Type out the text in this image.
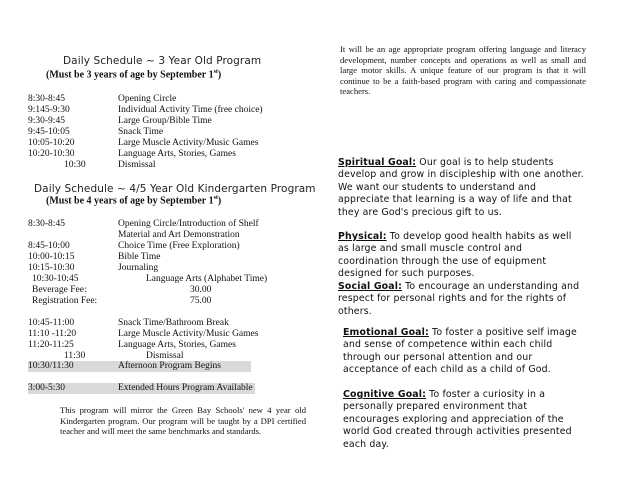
Daily Schedule ~ 3 Year Old Program
(Must be 3 years of age by September 1st)
8:30-8:45	Opening Circle
9:145-9:30	Individual Activity Time (free choice)
9:30-9:45	Large Group/Bible Time
9:45-10:05	Snack Time
10:05-10:20	Large Muscle Activity/Music Games
10:20-10:30	Language Arts, Stories, Games
10:30	Dismissal
Daily Schedule ~ 4/5 Year Old Kindergarten Program
(Must be 4 years of age by September 1st)
8:30-8:45	Opening Circle/Introduction of Shelf
Material and Art Demonstration
8:45-10:00	Choice Time (Free Exploration)
10:00-10:15	Bible Time
10:15-10:30	Journaling
10:30-10:45	Language Arts (Alphabet Time)
Beverage Fee:	30.00
Registration Fee:	75.00
10:45-11:00	Snack Time/Bathroom Break
11:10 -11:20	Large Muscle Activity/Music Games
11:20-11:25	Language Arts, Stories, Games
11:30	Dismissal
10:30/11:30	Afternoon Program Begins
3:00-5:30	Extended Hours Program Available
This program will mirror the Green Bay Schools' new 4 year old Kindergarten program. Our program will be taught by a DPI certified teacher and will meet the same benchmarks and standards.
It will be an age appropriate program offering language and literacy development, number concepts and operations as well as small and large motor skills. A unique feature of our program is that it will continue to be a faith-based program with caring and compassionate teachers.
Spiritual Goal: Our goal is to help students develop and grow in discipleship with one another. We want our students to understand and appreciate that learning is a way of life and that they are God's precious gift to us.
Physical: To develop good health habits as well as large and small muscle control and coordination through the use of equipment designed for such purposes.
Social Goal: To encourage an understanding and respect for personal rights and for the rights of others.
Emotional Goal: To foster a positive self image and sense of competence within each child through our personal attention and our acceptance of each child as a child of God.
Cognitive Goal: To foster a curiosity in a personally prepared environment that encourages exploring and appreciation of the world God created through activities presented each day.
